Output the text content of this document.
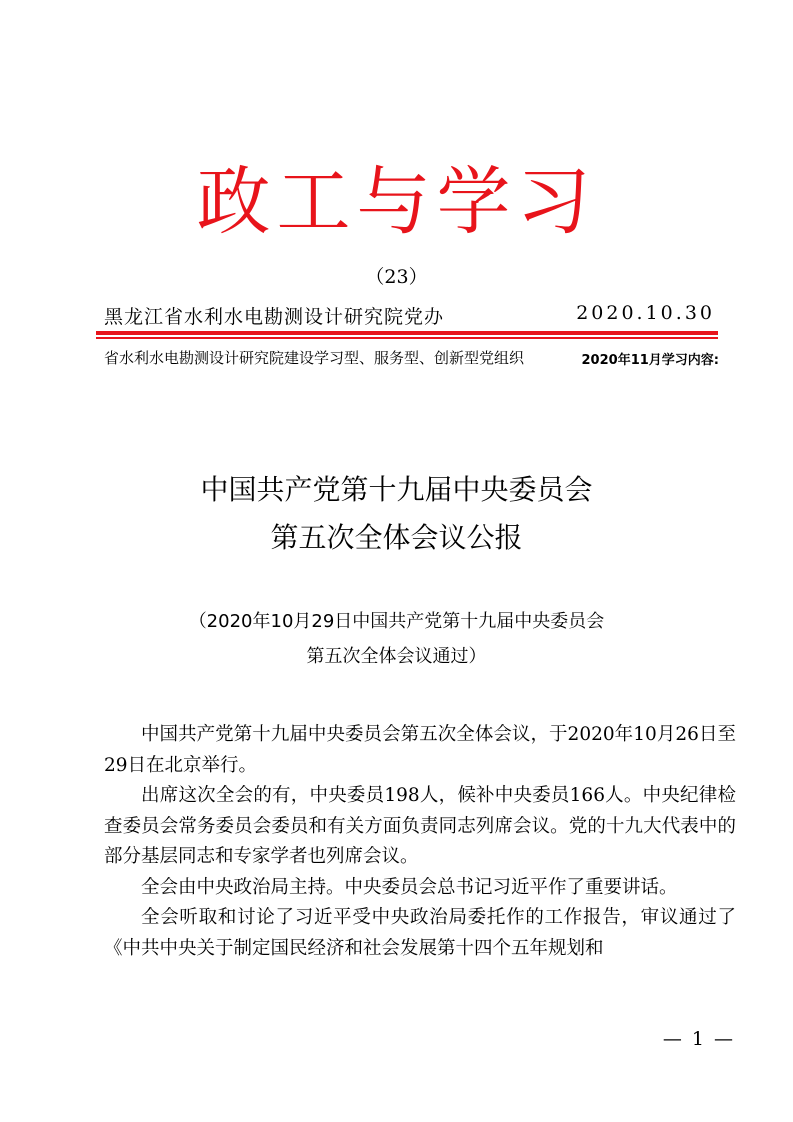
政工与学习
（23）
黑龙江省水利水电勘测设计研究院党办	2020.10.30
省水利水电勘测设计研究院建设学习型、服务型、创新型党组织	2020年11月学习内容:
中国共产党第十九届中央委员会
第五次全体会议公报
（2020年10月29日中国共产党第十九届中央委员会
第五次全体会议通过）

中国共产党第十九届中央委员会第五次全体会议，于2020年10月26日至29日在北京举行。

出席这次全会的有，中央委员198人，候补中央委员166人。中央纪律检查委员会常务委员会委员和有关方面负责同志列席会议。党的十九大代表中的部分基层同志和专家学者也列席会议。

全会由中央政治局主持。中央委员会总书记习近平作了重要讲话。

全会听取和讨论了习近平受中央政治局委托作的工作报告，审议通过了《中共中央关于制定国民经济和社会发展第十四个五年规划和

— 1 —
